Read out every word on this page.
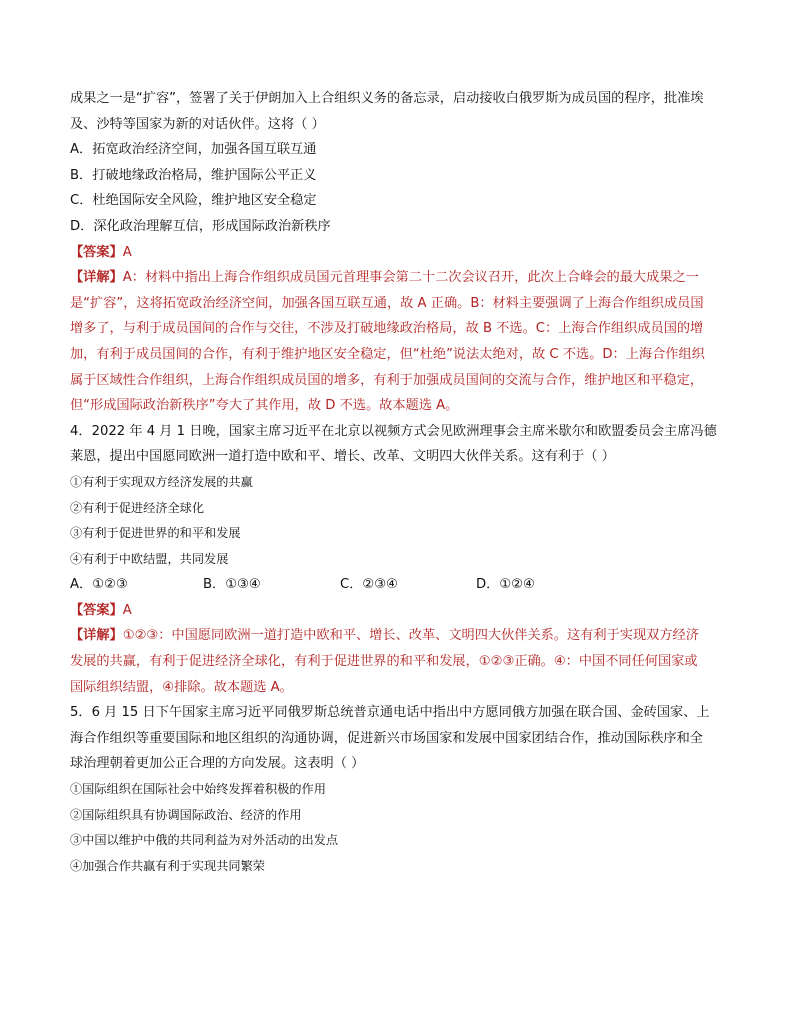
成果之一是“扩容”，签署了关于伊朗加入上合组织义务的备忘录，启动接收白俄罗斯为成员国的程序，批准埃
及、沙特等国家为新的对话伙伴。这将（ ）
A．拓宽政治经济空间，加强各国互联互通
B．打破地缘政治格局，维护国际公平正义
C．杜绝国际安全风险，维护地区安全稳定
D．深化政治理解互信，形成国际政治新秩序
【答案】A
【详解】A：材料中指出上海合作组织成员国元首理事会第二十二次会议召开，此次上合峰会的最大成果之一
是“扩容”，这将拓宽政治经济空间，加强各国互联互通，故 A 正确。B：材料主要强调了上海合作组织成员国
增多了，与利于成员国间的合作与交往，不涉及打破地缘政治格局，故 B 不选。C：上海合作组织成员国的增
加，有利于成员国间的合作，有利于维护地区安全稳定，但“杜绝”说法太绝对，故 C 不选。D：上海合作组织
属于区域性合作组织，上海合作组织成员国的增多，有利于加强成员国间的交流与合作，维护地区和平稳定，
但“形成国际政治新秩序”夸大了其作用，故 D 不选。故本题选 A。
4．2022 年 4 月 1 日晚，国家主席习近平在北京以视频方式会见欧洲理事会主席米歇尔和欧盟委员会主席冯德
莱恩，提出中国愿同欧洲一道打造中欧和平、增长、改革、文明四大伙伴关系。这有利于（ ）
①有利于实现双方经济发展的共赢
②有利于促进经济全球化
③有利于促进世界的和平和发展
④有利于中欧结盟，共同发展
A．①②③	B．①③④	C．②③④	D．①②④
【答案】A
【详解】①②③：中国愿同欧洲一道打造中欧和平、增长、改革、文明四大伙伴关系。这有利于实现双方经济
发展的共赢，有利于促进经济全球化，有利于促进世界的和平和发展，①②③正确。④：中国不同任何国家或
国际组织结盟，④排除。故本题选 A。
5．6 月 15 日下午国家主席习近平同俄罗斯总统普京通电话中指出中方愿同俄方加强在联合国、金砖国家、上
海合作组织等重要国际和地区组织的沟通协调，促进新兴市场国家和发展中国家团结合作，推动国际秩序和全
球治理朝着更加公正合理的方向发展。这表明（ ）
①国际组织在国际社会中始终发挥着积极的作用
②国际组织具有协调国际政治、经济的作用
③中国以维护中俄的共同利益为对外活动的出发点
④加强合作共赢有利于实现共同繁荣
